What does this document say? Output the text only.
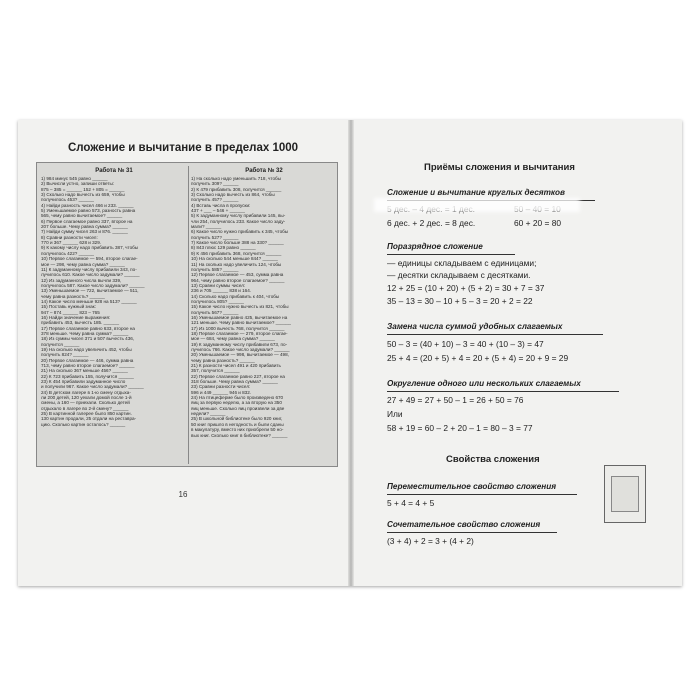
Сложение и вычитание в пределах 1000
Работа № 31
1) 984 минус 545 равно ______
2) Вычисли устно, запиши ответы:
875 – 385 = ______ 152 + 805 = ______
3) Сколько надо вычесть из 659, чтобы
получилось 453? ______
4) Найди разность чисел 466 и 233. ______
5) Уменьшаемое равно 573, разность равна
565, чему равно вычитаемое? ______
6) Первое слагаемое равно 337, второе на
207 больше. Чему равна сумма? ______
7) Найди сумму чисел 263 и 876. ______
8) Сравни разности чисел:
770 и 367 ______ 628 и 329.
9) К какому числу надо прибавить 387, чтобы
получилось 422? ______
10) Первое слагаемое — 594, второе слагае-
мое — 298, чему равна сумма? ______
11) К задуманному числу прибавили 343, по-
лучилось 610. Какое число задумали? ______
12) Из задуманного числа вычли 339,
получилось 587. Какое число задумали? ______
13) Уменьшаемое — 722, вычитаемое — 511,
чему равна разность? ______
14) Какое число меньше 928 на 513? ______
15) Поставь нужный знак:
947 – 874 ______ 823 – 765
16) Найди значение выражения:
прибавить 453, вычесть 185. ______
17) Первое слагаемое равно 633, второе на
378 меньше. Чему равна сумма? ______
18) Из суммы чисел 371 и 507 вычесть 436,
получится ______
19) На сколько надо увеличить 452, чтобы
получить 824? ______
20) Первое слагаемое — 446, сумма равна
713, чему равно второе слагаемое? ______
21) На сколько 367 меньше 456? ______
22) К 723 прибавить 155, получится ______
23) К 454 прибавили задуманное число
и получили 967. Какое число задумали? ______
24) В детском лагере в 1-ю смену отдыха-
ли 200 детей, 120 уехали домой после 1-й
смены, а 160 — приехали. Сколько детей
отдыхало в лагере во 2-й смену? ______
25) В картинной галерее было 850 картин.
130 картин продали, 25 отдали на реставра-
цию. Сколько картин осталось? ______
Работа № 32
1) На сколько надо уменьшить 718, чтобы
получить 309? ______
2) К 479 прибавить 308, получится ______
3) Сколько надо вычесть из 864, чтобы
получить 457? ______
4) Вставь числа в пропуски:
437 + ___ – 546 + ______
5) К задуманному числу прибавили 145, вы-
чли 254, получилось 233. Какое число заду-
мали? ______
6) Какое число нужно прибавить к 345, чтобы
получить 527? ______
7) Какое число больше 388 на 330? ______
8) 843 плюс 129 равно ______
9) К 456 прибавить 368, получится ______
10) На сколько 544 меньше 844? ______
11) На сколько надо увеличить 124, чтобы
получить 585? ______
12) Первое слагаемое — 453, сумма равна
964, чему равно второе слагаемое? ______
13) Сравни суммы чисел:
236 и 705 ______ 838 и 164.
14) Сколько надо прибавить к 404, чтобы
получилось 805? ______
15) Какое число нужно вычесть из 821, чтобы
получить 567? ______
16) Уменьшаемое равно 425, вычитаемое на
121 меньше. Чему равно вычитаемое? ______
17) Из 1000 вычесть 768, получится ______
18) Первое слагаемое — 279, второе слагае-
мое — 684, чему равна сумма? ______
19) К задуманному числу прибавили 673, по-
лучилось 766. Какое число задумали? ______
20) Уменьшаемое — 998, вычитаемое — 498,
чему равна разность? ______
21) К разности чисел 491 и 420 прибавить
357, получится ______
22) Первое слагаемое равно 227, второе на
318 больше. Чему равна сумма? ______
23) Сравни разности чисел:
596 и 449 ______ 946 и 832.
24) На птицеферме было произведено 670
яиц за первую неделю, а за вторую на 350
яиц меньше. Сколько яиц произвели за две
недели? ______
25) В школьной библиотеке было 920 книг,
50 книг пришло в негодность и были сданы
в макулатуру, вместо них приобрели 50 но-
вых книг. Сколько книг в библиотеке? ______
16
Приёмы сложения и вычитания
Сложение и вычитание круглых десятков
6 дес. + 2 дес. = 8 дес.	60 + 20 = 80
Поразрядное сложение
— единицы складываем с единицами;
— десятки складываем с десятками.
12 + 25 = (10 + 20) + (5 + 2) = 30 + 7 = 37
35 – 13 = 30 – 10 + 5 – 3 = 20 + 2 = 22
Замена числа суммой удобных слагаемых
50 – 3 = (40 + 10) – 3 = 40 + (10 – 3) = 47
25 + 4 = (20 + 5) + 4 = 20 + (5 + 4) = 20 + 9 = 29
Округление одного или нескольких слагаемых
27 + 49 = 27 + 50 – 1 = 26 + 50 = 76
Или
58 + 19 = 60 – 2 + 20 – 1 = 80 – 3 = 77
Свойства сложения
Переместительное свойство сложения
5 + 4 = 4 + 5
Сочетательное свойство сложения
(3 + 4) + 2 = 3 + (4 + 2)
